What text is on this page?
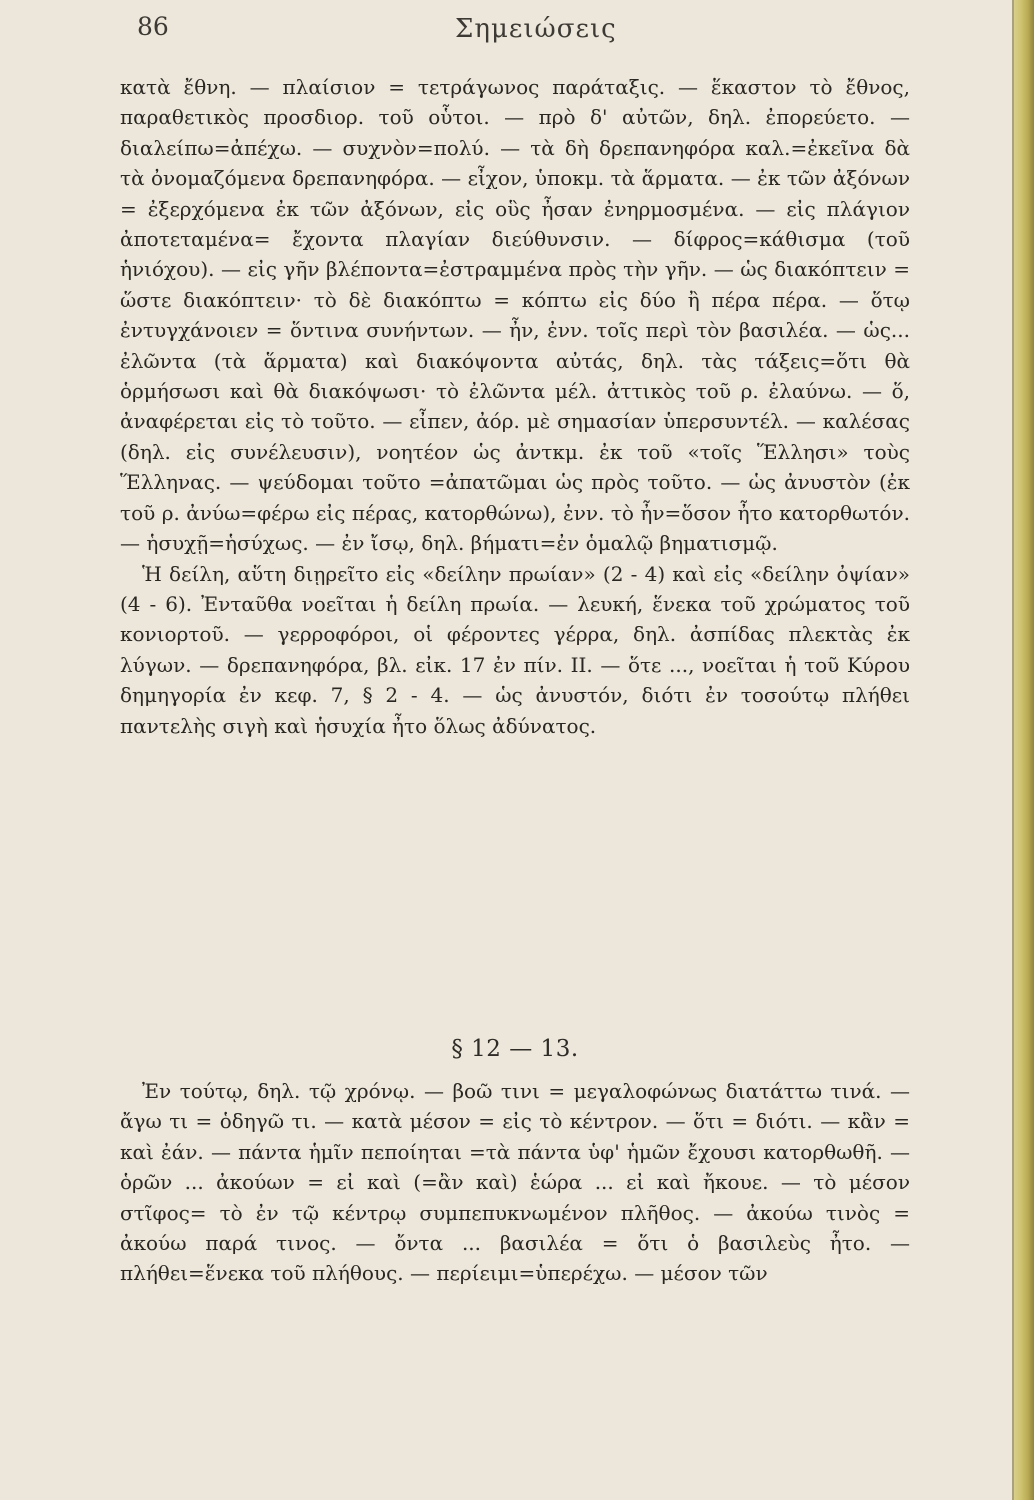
86	Σημειώσεις

κατὰ ἔθνη. — πλαίσιον = τετράγωνος παράταξις. — ἕκαστον τὸ ἔθνος, παραθετικὸς προσδιορ. τοῦ οὗτοι. — πρὸ δ' αὐτῶν, δηλ. ἐπορεύετο. — διαλείπω=ἀπέχω. — συχνὸν=πολύ. — τὰ δὴ δρεπανηφόρα καλ.=ἐκεῖνα δὰ τὰ ὀνομαζόμενα δρεπανηφόρα. — εἶχον, ὑποκμ. τὰ ἅρματα. — ἐκ τῶν ἀξόνων = ἐξερχόμενα ἐκ τῶν ἀξόνων, εἰς οὓς ἦσαν ἐνηρμοσμένα. — εἰς πλάγιον ἀποτεταμένα= ἔχοντα πλαγίαν διεύθυνσιν. — δίφρος=κάθισμα (τοῦ ἡνιόχου). — εἰς γῆν βλέποντα=ἐστραμμένα πρὸς τὴν γῆν. — ὡς διακόπτειν = ὥστε διακόπτειν· τὸ δὲ διακόπτω = κόπτω εἰς δύο ἢ πέρα πέρα. — ὅτῳ ἐντυγχάνοιεν = ὅντινα συνήντων. — ἦν, ἐνν. τοῖς περὶ τὸν βασιλέα. — ὡς... ἐλῶντα (τὰ ἅρματα) καὶ διακόψοντα αὐτάς, δηλ. τὰς τάξεις=ὅτι θὰ ὁρμήσωσι καὶ θὰ διακόψωσι· τὸ ἐλῶντα μέλ. ἀττικὸς τοῦ ρ. ἐλαύνω. — ὅ, ἀναφέρεται εἰς τὸ τοῦτο. — εἶπεν, ἀόρ. μὲ σημασίαν ὑπερσυντέλ. — καλέσας (δηλ. εἰς συνέλευσιν), νοητέον ὡς ἀντκμ. ἐκ τοῦ «τοῖς Ἕλλησι» τοὺς Ἕλληνας. — ψεύδομαι τοῦτο =ἀπατῶμαι ὡς πρὸς τοῦτο. — ὡς ἀνυστὸν (ἐκ τοῦ ρ. ἀνύω=φέρω εἰς πέρας, κατορθώνω), ἐνν. τὸ ἦν=ὅσον ἦτο κατορθωτόν. — ἡσυχῇ=ἡσύχως. — ἐν ἴσῳ, δηλ. βήματι=ἐν ὁμαλῷ βηματισμῷ.

Ἡ δείλη, αὕτη διῃρεῖτο εἰς «δείλην πρωίαν» (2 - 4) καὶ εἰς «δείλην ὀψίαν» (4 - 6). Ἐνταῦθα νοεῖται ἡ δείλη πρωία. — λευκή, ἕνεκα τοῦ χρώματος τοῦ κονιορτοῦ. — γερροφόροι, οἱ φέροντες γέρρα, δηλ. ἀσπίδας πλεκτὰς ἐκ λύγων. — δρεπανηφόρα, βλ. εἰκ. 17 ἐν πίν. II. — ὅτε ..., νοεῖται ἡ τοῦ Κύρου δημηγορία ἐν κεφ. 7, § 2 - 4. — ὡς ἀνυστόν, διότι ἐν τοσούτῳ πλήθει παντελὴς σιγὴ καὶ ἡσυχία ἦτο ὅλως ἀδύνατος.

§ 12 — 13.

Ἐν τούτῳ, δηλ. τῷ χρόνῳ. — βοῶ τινι = μεγαλοφώνως διατάττω τινά. — ἄγω τι = ὁδηγῶ τι. — κατὰ μέσον = εἰς τὸ κέντρον. — ὅτι = διότι. — κἂν = καὶ ἐάν. — πάντα ἡμῖν πεποίηται =τὰ πάντα ὑφ' ἡμῶν ἔχουσι κατορθωθῆ. — ὁρῶν ... ἀκούων = εἰ καὶ (=ἂν καὶ) ἑώρα ... εἰ καὶ ἤκουε. — τὸ μέσον στῖφος= τὸ ἐν τῷ κέντρῳ συμπεπυκνωμένον πλῆθος. — ἀκούω τινὸς = ἀκούω παρά τινος. — ὄντα ... βασιλέα = ὅτι ὁ βασιλεὺς ἦτο. — πλήθει=ἕνεκα τοῦ πλήθους. — περίειμι=ὑπερέχω. — μέσον τῶν
